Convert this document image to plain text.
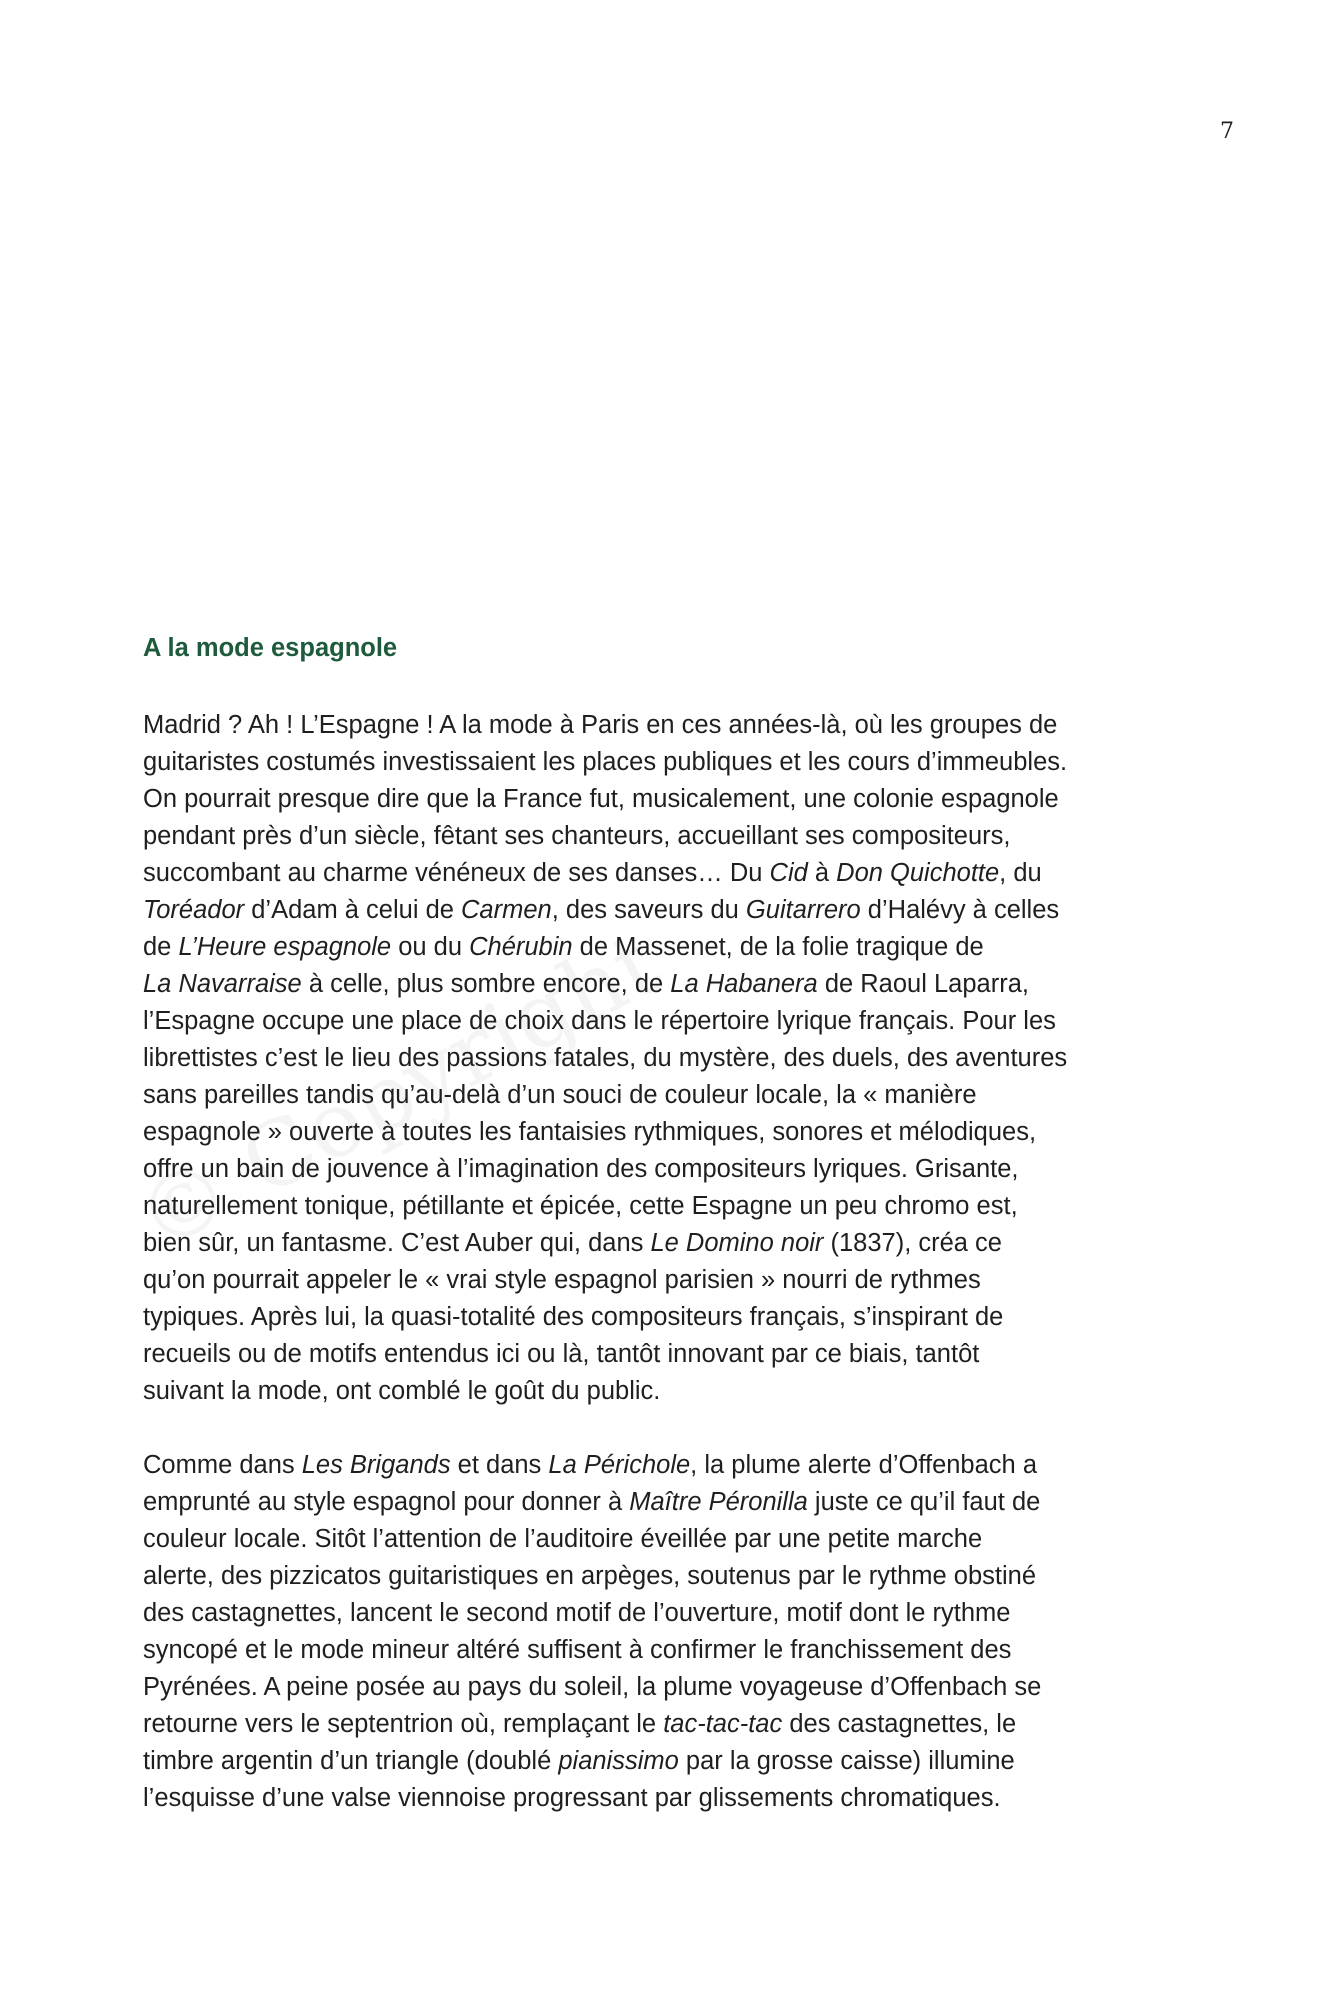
7
A la mode espagnole

Madrid ? Ah ! L’Espagne ! A la mode à Paris en ces années-là, où les groupes de
guitaristes costumés investissaient les places publiques et les cours d’immeubles.
On pourrait presque dire que la France fut, musicalement, une colonie espagnole
pendant près d’un siècle, fêtant ses chanteurs, accueillant ses compositeurs,
succombant au charme vénéneux de ses danses… Du Cid à Don Quichotte, du
Toréador d’Adam à celui de Carmen, des saveurs du Guitarrero d’Halévy à celles
de L’Heure espagnole ou du Chérubin de Massenet, de la folie tragique de
La Navarraise à celle, plus sombre encore, de La Habanera de Raoul Laparra,
l’Espagne occupe une place de choix dans le répertoire lyrique français. Pour les
librettistes c’est le lieu des passions fatales, du mystère, des duels, des aventures
sans pareilles tandis qu’au-delà d’un souci de couleur locale, la « manière
espagnole » ouverte à toutes les fantaisies rythmiques, sonores et mélodiques,
offre un bain de jouvence à l’imagination des compositeurs lyriques. Grisante,
naturellement tonique, pétillante et épicée, cette Espagne un peu chromo est,
bien sûr, un fantasme. C’est Auber qui, dans Le Domino noir (1837), créa ce
qu’on pourrait appeler le « vrai style espagnol parisien » nourri de rythmes
typiques. Après lui, la quasi-totalité des compositeurs français, s’inspirant de
recueils ou de motifs entendus ici ou là, tantôt innovant par ce biais, tantôt
suivant la mode, ont comblé le goût du public.

Comme dans Les Brigands et dans La Périchole, la plume alerte d’Offenbach a
emprunté au style espagnol pour donner à Maître Péronilla juste ce qu’il faut de
couleur locale. Sitôt l’attention de l’auditoire éveillée par une petite marche
alerte, des pizzicatos guitaristiques en arpèges, soutenus par le rythme obstiné
des castagnettes, lancent le second motif de l’ouverture, motif dont le rythme
syncopé et le mode mineur altéré suffisent à confirmer le franchissement des
Pyrénées. A peine posée au pays du soleil, la plume voyageuse d’Offenbach se
retourne vers le septentrion où, remplaçant le tac-tac-tac des castagnettes, le
timbre argentin d’un triangle (doublé pianissimo par la grosse caisse) illumine
l’esquisse d’une valse viennoise progressant par glissements chromatiques.
